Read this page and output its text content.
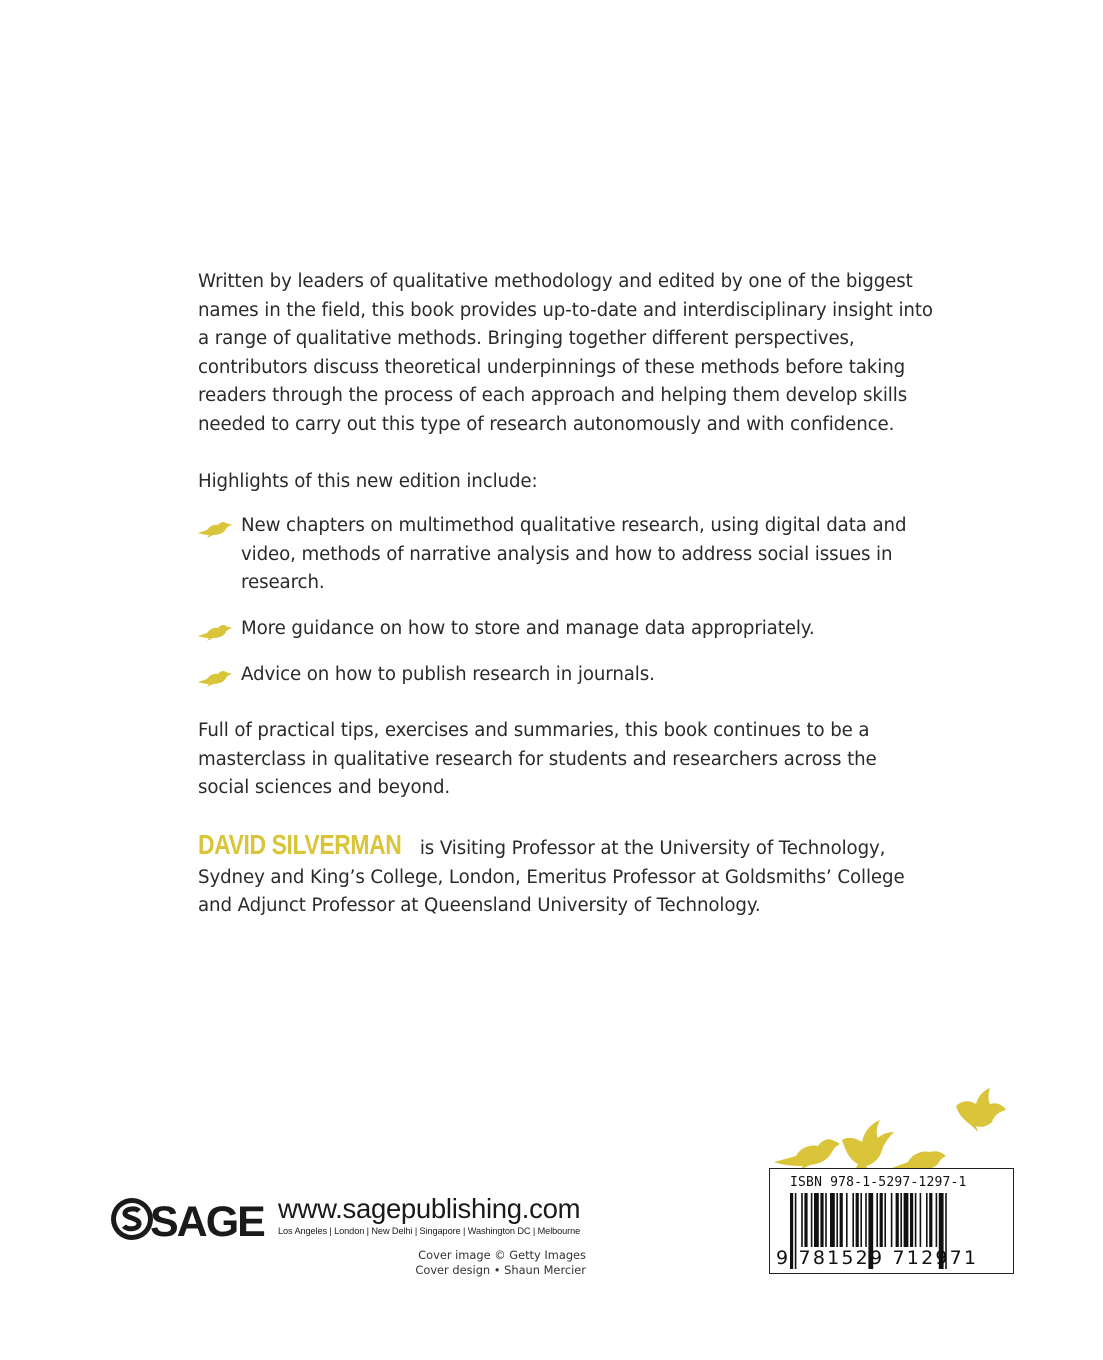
Written by leaders of qualitative methodology and edited by one of the biggest names in the field, this book provides up-to-date and interdisciplinary insight into a range of qualitative methods. Bringing together different perspectives, contributors discuss theoretical underpinnings of these methods before taking readers through the process of each approach and helping them develop skills needed to carry out this type of research autonomously and with confidence.

Highlights of this new edition include:

New chapters on multimethod qualitative research, using digital data and video, methods of narrative analysis and how to address social issues in research.
More guidance on how to store and manage data appropriately.
Advice on how to publish research in journals.

Full of practical tips, exercises and summaries, this book continues to be a masterclass in qualitative research for students and researchers across the social sciences and beyond.

DAVID SILVERMAN is Visiting Professor at the University of Technology, Sydney and King’s College, London, Emeritus Professor at Goldsmiths’ College and Adjunct Professor at Queensland University of Technology.

SAGE www.sagepublishing.com
Los Angeles | London | New Delhi | Singapore | Washington DC | Melbourne
Cover image © Getty Images
Cover design • Shaun Mercier
ISBN 978-1-5297-1297-1
9 781529 712971
